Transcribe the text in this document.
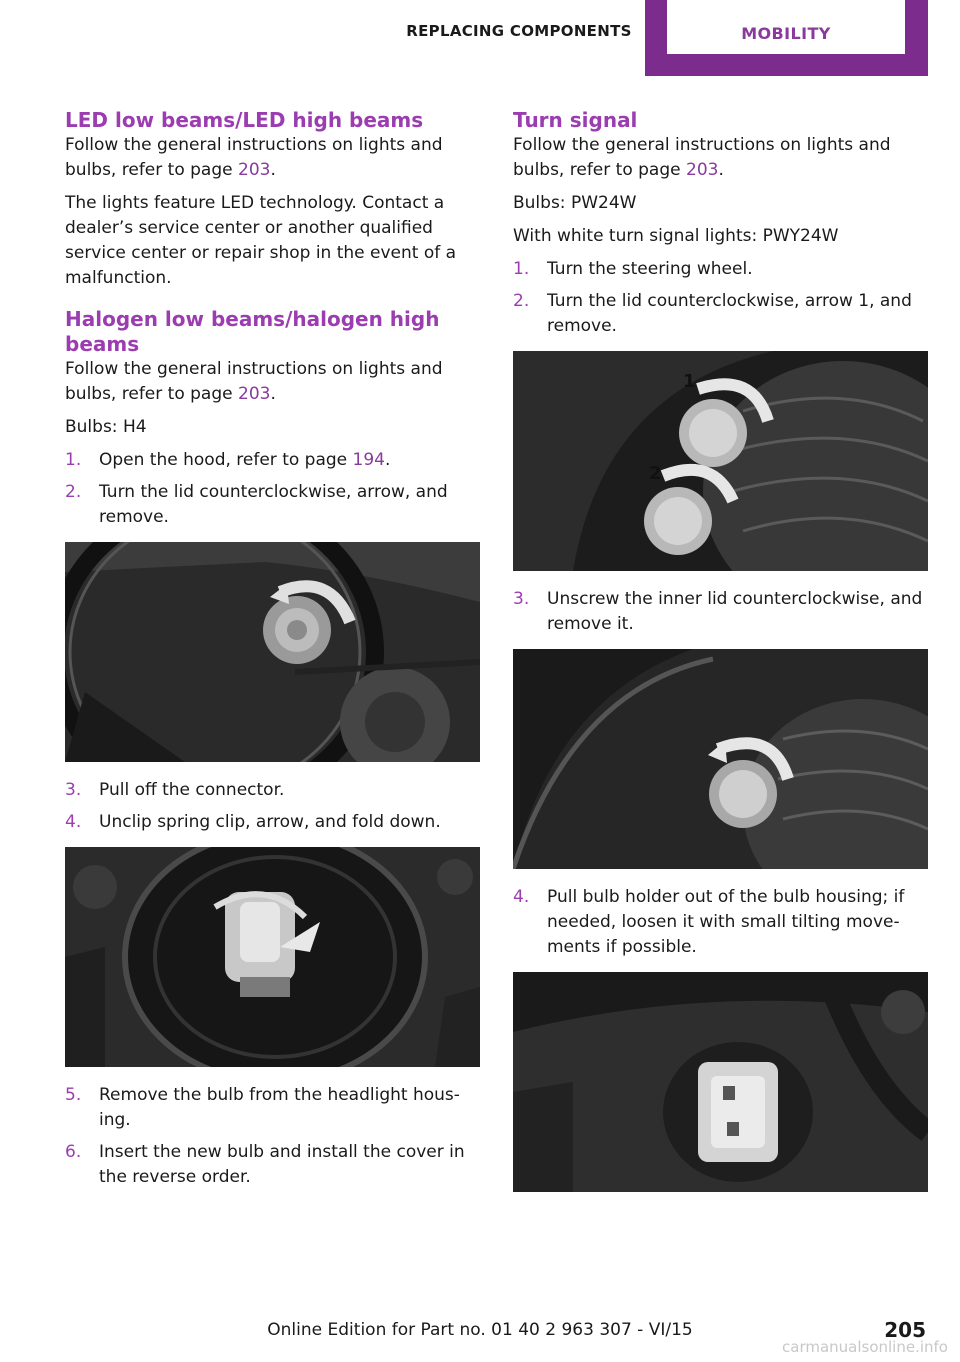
REPLACING COMPONENTS	MOBILITY
LED low beams/LED high beams

Follow the general instructions on lights and bulbs, refer to page 203.

The lights feature LED technology. Contact a dealer’s service center or another qualified service center or repair shop in the event of a malfunction.

Halogen low beams/halogen high beams

Follow the general instructions on lights and bulbs, refer to page 203.

Bulbs: H4

1. Open the hood, refer to page 194.
2. Turn the lid counterclockwise, arrow, and remove.
3. Pull off the connector.
4. Unclip spring clip, arrow, and fold down.
5. Remove the bulb from the headlight hous‐ing.
6. Insert the new bulb and install the cover in the reverse order.
Turn signal

Follow the general instructions on lights and bulbs, refer to page 203.

Bulbs: PW24W

With white turn signal lights: PWY24W

1. Turn the steering wheel.
2. Turn the lid counterclockwise, arrow 1, and remove.
1
2
3. Unscrew the inner lid counterclockwise, and remove it.
4. Pull bulb holder out of the bulb housing; if needed, loosen it with small tilting move‐ments if possible.
Online Edition for Part no. 01 40 2 963 307 - VI/15	205
carmanualsonline.info
